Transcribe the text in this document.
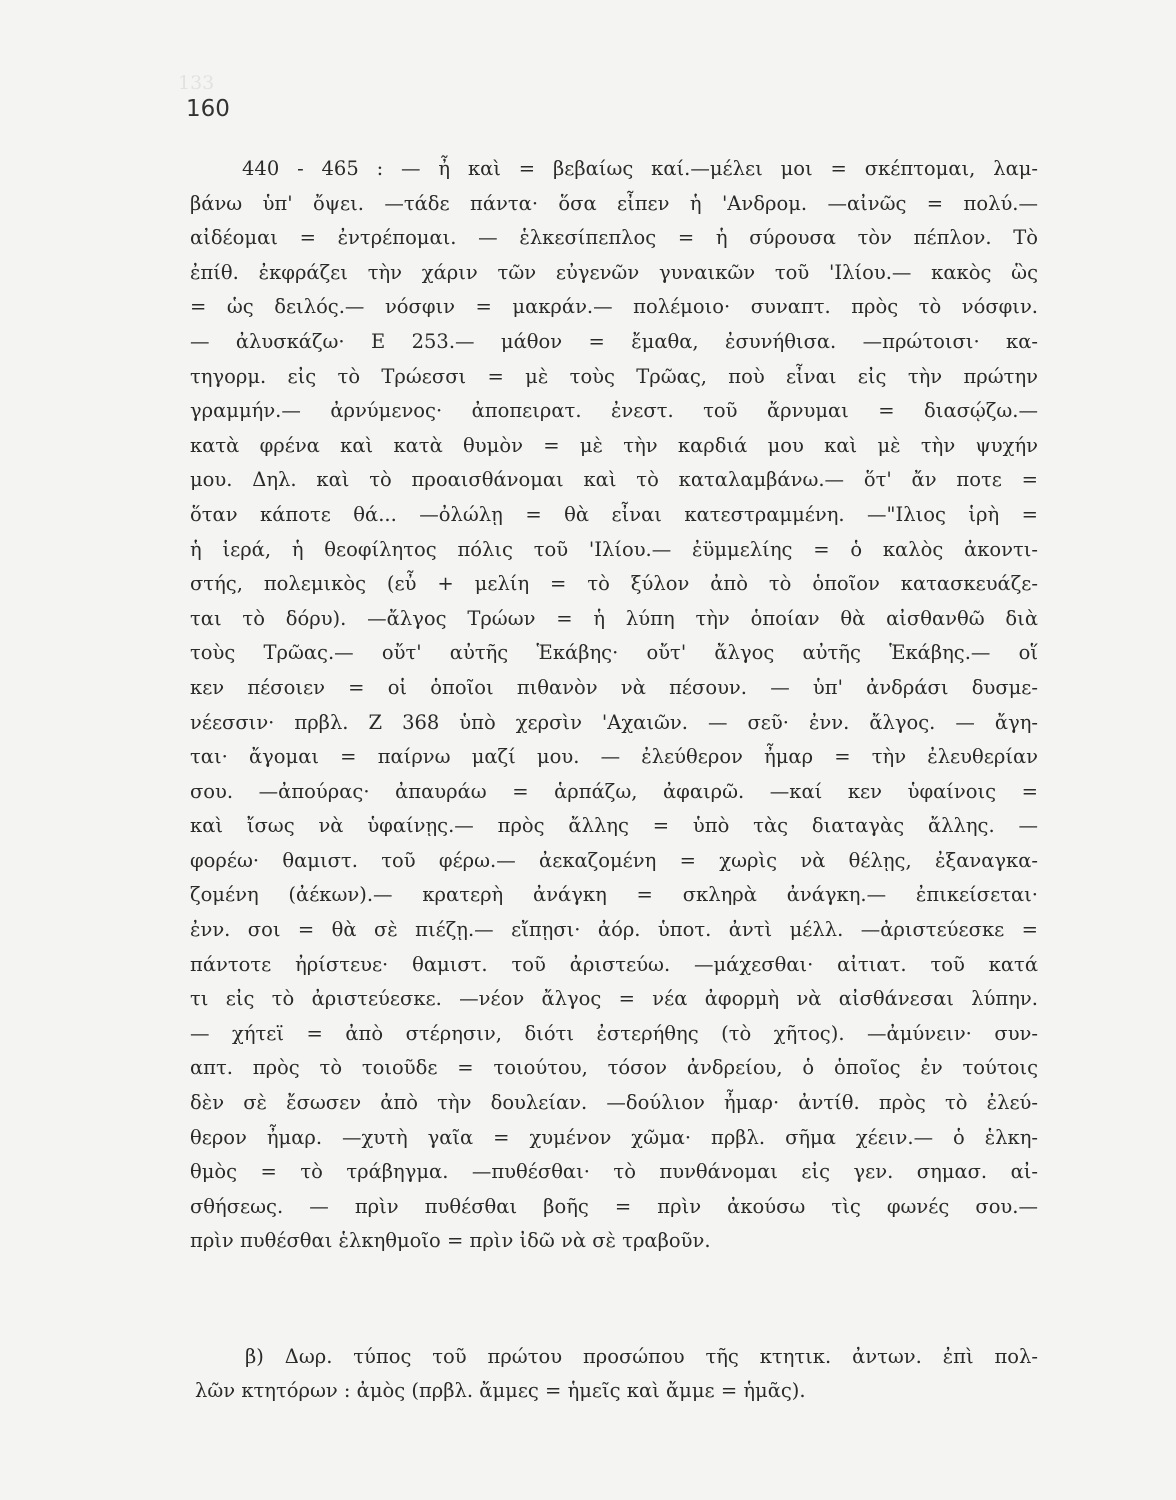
133
160
440 - 465 : — ἦ καὶ = βεβαίως καί.—μέλει μοι = σκέπτομαι, λαμ-
βάνω ὑπ' ὄψει. —τάδε πάντα· ὅσα εἶπεν ἡ 'Ανδρομ. —αἰνῶς = πολύ.—
αἰδέομαι = ἐντρέπομαι. — ἑλκεσίπεπλος = ἡ σύρουσα τὸν πέπλον. Τὸ
ἐπίθ. ἐκφράζει τὴν χάριν τῶν εὐγενῶν γυναικῶν τοῦ 'Ιλίου.— κακὸς ὣς
= ὡς δειλός.— νόσφιν = μακράν.— πολέμοιο· συναπτ. πρὸς τὸ νόσφιν.
— ἀλυσκάζω· Ε 253.— μάθον = ἔμαθα, ἐσυνήθισα. —πρώτοισι· κα-
τηγορμ. εἰς τὸ Τρώεσσι = μὲ τοὺς Τρῶας, ποὺ εἶναι εἰς τὴν πρώτην
γραμμήν.— ἀρνύμενος· ἀποπειρατ. ἐνεστ. τοῦ ἄρνυμαι = διασῴζω.—
κατὰ φρένα καὶ κατὰ θυμὸν = μὲ τὴν καρδιά μου καὶ μὲ τὴν ψυχήν
μου. Δηλ. καὶ τὸ προαισθάνομαι καὶ τὸ καταλαμβάνω.— ὅτ' ἄν ποτε =
ὅταν κάποτε θά... —ὀλώλῃ = θὰ εἶναι κατεστραμμένη. —"Ιλιος ἱρὴ =
ἡ ἱερά, ἡ θεοφίλητος πόλις τοῦ 'Ιλίου.— ἐϋμμελίης = ὁ καλὸς ἀκοντι-
στής, πολεμικὸς (εὖ + μελίη = τὸ ξύλον ἀπὸ τὸ ὁποῖον κατασκευάζε-
ται τὸ δόρυ). —ἄλγος Τρώων = ἡ λύπη τὴν ὁποίαν θὰ αἰσθανθῶ διὰ
τοὺς Τρῶας.— οὔτ' αὐτῆς Ἑκάβης· οὔτ' ἄλγος αὐτῆς Ἑκάβης.— οἵ
κεν πέσοιεν = οἱ ὁποῖοι πιθανὸν νὰ πέσουν. — ὑπ' ἀνδράσι δυσμε-
νέεσσιν· πρβλ. Ζ 368 ὑπὸ χερσὶν 'Αχαιῶν. — σεῦ· ἐνν. ἄλγος. — ἄγη-
ται· ἄγομαι = παίρνω μαζί μου. — ἐλεύθερον ἦμαρ = τὴν ἐλευθερίαν
σου. —ἀπούρας· ἀπαυράω = ἁρπάζω, ἀφαιρῶ. —καί κεν ὑφαίνοις =
καὶ ἴσως νὰ ὑφαίνῃς.— πρὸς ἄλλης = ὑπὸ τὰς διαταγὰς ἄλλης. —
φορέω· θαμιστ. τοῦ φέρω.— ἀεκαζομένη = χωρὶς νὰ θέλῃς, ἐξαναγκα-
ζομένη (ἀέκων).— κρατερὴ ἀνάγκη = σκληρὰ ἀνάγκη.— ἐπικείσεται·
ἐνν. σοι = θὰ σὲ πιέζῃ.— εἴπῃσι· ἀόρ. ὑποτ. ἀντὶ μέλλ. —ἀριστεύεσκε =
πάντοτε ἠρίστευε· θαμιστ. τοῦ ἀριστεύω. —μάχεσθαι· αἰτιατ. τοῦ κατά
τι εἰς τὸ ἀριστεύεσκε. —νέον ἄλγος = νέα ἀφορμὴ νὰ αἰσθάνεσαι λύπην.
— χήτεϊ = ἀπὸ στέρησιν, διότι ἐστερήθης (τὸ χῆτος). —ἀμύνειν· συν-
απτ. πρὸς τὸ τοιοῦδε = τοιούτου, τόσον ἀνδρείου, ὁ ὁποῖος ἐν τούτοις
δὲν σὲ ἔσωσεν ἀπὸ τὴν δουλείαν. —δούλιον ἦμαρ· ἀντίθ. πρὸς τὸ ἐλεύ-
θερον ἦμαρ. —χυτὴ γαῖα = χυμένον χῶμα· πρβλ. σῆμα χέειν.— ὁ ἑλκη-
θμὸς = τὸ τράβηγμα. —πυθέσθαι· τὸ πυνθάνομαι εἰς γεν. σημασ. αἰ-
σθήσεως. — πρὶν πυθέσθαι βοῆς = πρὶν ἀκούσω τὶς φωνές σου.—
πρὶν πυθέσθαι ἑλκηθμοῖο = πρὶν ἰδῶ νὰ σὲ τραβοῦν.
β) Δωρ. τύπος τοῦ πρώτου προσώπου τῆς κτητικ. ἀντων. ἐπὶ πολ-
λῶν κτητόρων : ἀμὸς (πρβλ. ἄμμες = ἡμεῖς καὶ ἄμμε = ἡμᾶς).
